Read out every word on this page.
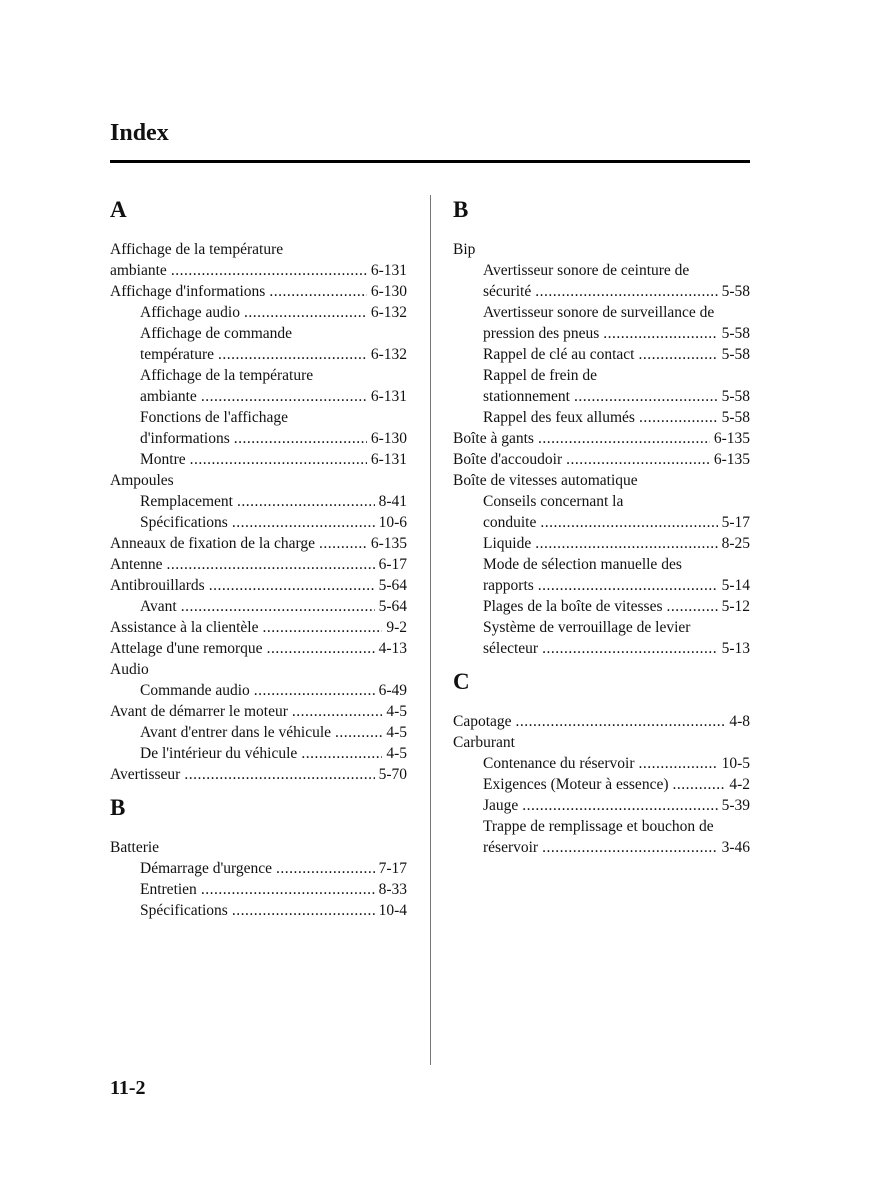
Index
A
Affichage de la température
ambiante .....	6-131
Affichage d'informations .....	6-130
Affichage audio .....	6-132
Affichage de commande
température .....	6-132
Affichage de la température
ambiante .....	6-131
Fonctions de l'affichage
d'informations .....	6-130
Montre .....	6-131
Ampoules
Remplacement .....	8-41
Spécifications .....	10-6
Anneaux de fixation de la charge .....	6-135
Antenne .....	6-17
Antibrouillards .....	5-64
Avant .....	5-64
Assistance à la clientèle .....	9-2
Attelage d'une remorque .....	4-13
Audio
Commande audio .....	6-49
Avant de démarrer le moteur .....	4-5
Avant d'entrer dans le véhicule .....	4-5
De l'intérieur du véhicule .....	4-5
Avertisseur .....	5-70
B
Batterie
Démarrage d'urgence .....	7-17
Entretien .....	8-33
Spécifications .....	10-4
B
Bip
Avertisseur sonore de ceinture de
sécurité .....	5-58
Avertisseur sonore de surveillance de
pression des pneus .....	5-58
Rappel de clé au contact .....	5-58
Rappel de frein de
stationnement .....	5-58
Rappel des feux allumés .....	5-58
Boîte à gants .....	6-135
Boîte d'accoudoir .....	6-135
Boîte de vitesses automatique
Conseils concernant la
conduite .....	5-17
Liquide .....	8-25
Mode de sélection manuelle des
rapports .....	5-14
Plages de la boîte de vitesses .....	5-12
Système de verrouillage de levier
sélecteur .....	5-13
C
Capotage .....	4-8
Carburant
Contenance du réservoir .....	10-5
Exigences (Moteur à essence) .....	4-2
Jauge .....	5-39
Trappe de remplissage et bouchon de
réservoir .....	3-46
11-2
